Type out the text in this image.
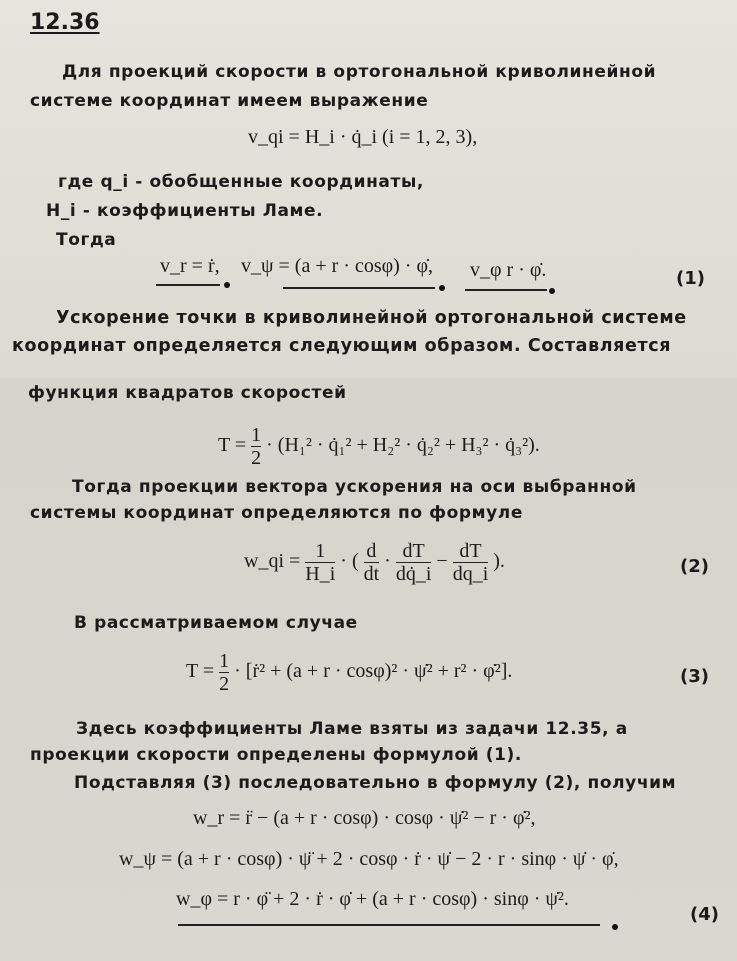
12.36
Для проекций скорости в ортогональной криволинейной
системе координат имеем выражение
v_qi = H_i · q̇_i (i = 1, 2, 3),
где q_i - обобщенные координаты,
H_i - коэффициенты Ламе.
Тогда
v_r = ṙ, v_ψ = (a + r · cosφ) · φ̇, v_φ r · φ̇.	(1)
Ускорение точки в криволинейной ортогональной системе
координат определяется следующим образом. Составляется
функция квадратов скоростей
$T = \frac{1}{2} \cdot (H_1^2$ · q̇₁² + H₂² · q̇₂² + H₃² · q̇₃²).
Тогда проекции вектора ускорения на оси выбранной
системы координат определяются по формуле
w_qi = $\frac{1}{H\_i}$ · ( $\frac{d}{dt} \cdot \frac{dT}{dq̇\_i} - \frac{dT}{dq\_i}$ ).	(2)
В рассматриваемом случае
$T = \frac{1}{2}$ · [ṙ² + (a + r · cosφ)² · ψ̇² + r² · φ̇²].	(3)
Здесь коэффициенты Ламе взяты из задачи 12.35, а
проекции скорости определены формулой (1).
Подставляя (3) последовательно в формулу (2), получим
w_r = r̈ − (a + r · cosφ) · cosφ · ψ̇² − r · φ̇²,
w_ψ = (a + r · cosφ) · ψ̈ + 2 · cosφ · ṙ · ψ̇ − 2 · r · sinφ · ψ̇ · φ̇,
w_φ = r · φ̈ + 2 · ṙ · φ̇ + (a + r · cosφ) · sinφ · ψ̇².
(4)
